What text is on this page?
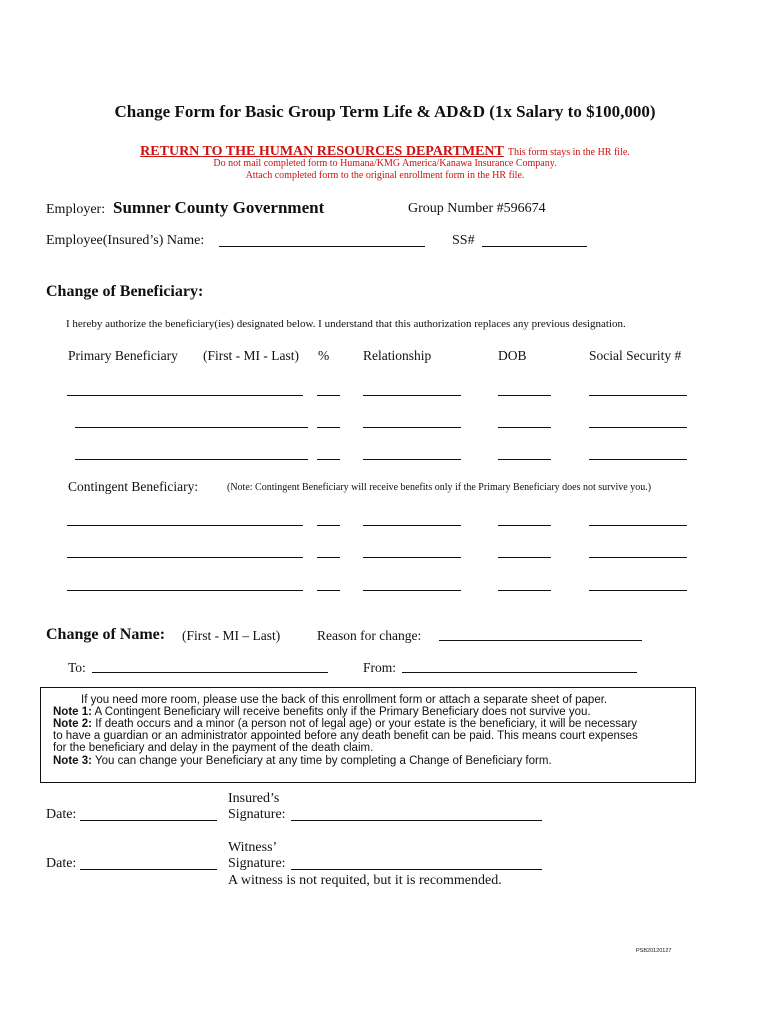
Change Form for Basic Group Term Life & AD&D (1x Salary to $100,000)
RETURN TO THE HUMAN RESOURCES DEPARTMENT This form stays in the HR file.
Do not mail completed form to Humana/KMG America/Kanawa Insurance Company.
Attach completed form to the original enrollment form in the HR file.
Employer: Sumner County Government	Group Number #596674
Employee(Insured’s) Name:	SS#
Change of Beneficiary:
I hereby authorize the beneficiary(ies) designated below. I understand that this authorization replaces any previous designation.
Primary Beneficiary (First - MI - Last) %	Relationship	DOB	Social Security #
Contingent Beneficiary:	(Note: Contingent Beneficiary will receive benefits only if the Primary Beneficiary does not survive you.)
Change of Name: (First - MI – Last)	Reason for change:
To:	From:
If you need more room, please use the back of this enrollment form or attach a separate sheet of paper.
Note 1: A Contingent Beneficiary will receive benefits only if the Primary Beneficiary does not survive you.
Note 2: If death occurs and a minor (a person not of legal age) or your estate is the beneficiary, it will be necessary
to have a guardian or an administrator appointed before any death benefit can be paid. This means court expenses
for the beneficiary and delay in the payment of the death claim.
Note 3: You can change your Beneficiary at any time by completing a Change of Beneficiary form.
Insured’s
Date:	Signature:
Witness’
Date:	Signature:
A witness is not requited, but it is recommended.
PSB20120127
